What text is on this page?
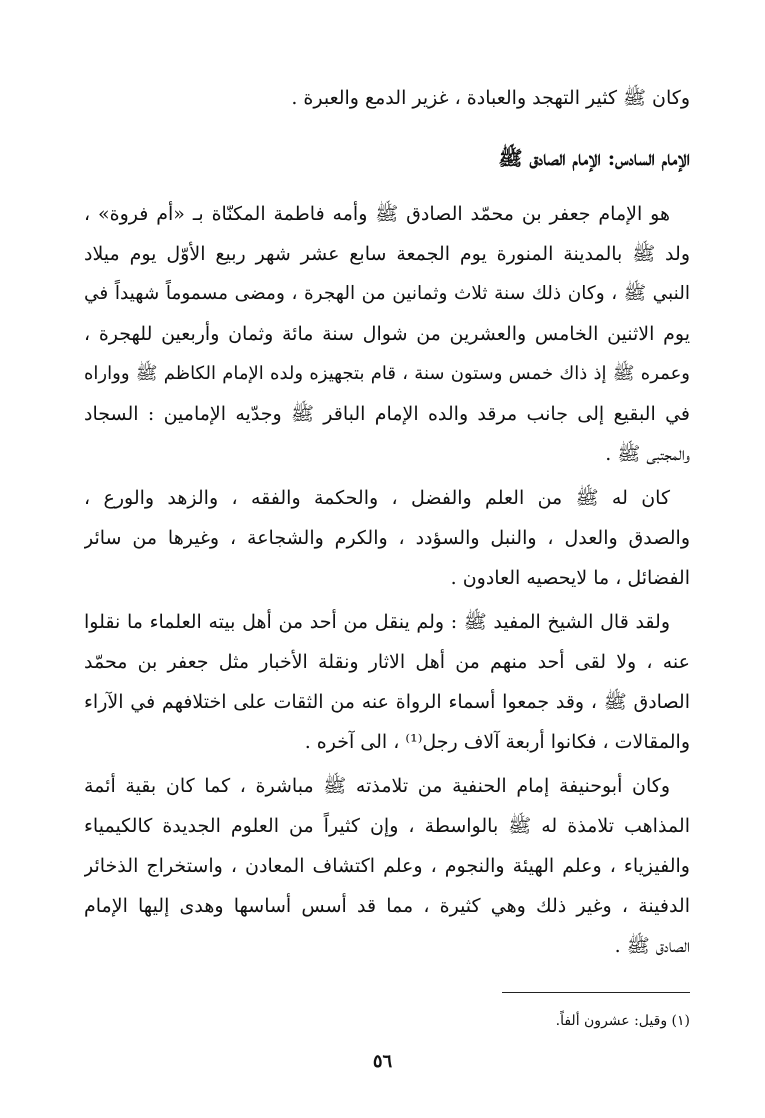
وكان ﷺ كثير التهجد والعبادة ، غزير الدمع والعبرة .
الإمام السادس: الإمام الصادق ﷺ
هو الإمام جعفر بن محمّد الصادق ﷺ وأمه فاطمة المكنّاة بـ «أم فروة» ،
ولد ﷺ بالمدينة المنورة يوم الجمعة سابع عشر شهر ربيع الأوّل يوم ميلاد
النبي ﷺ ، وكان ذلك سنة ثلاث وثمانين من الهجرة ، ومضى مسموماً شهيداً في
يوم الاثنين الخامس والعشرين من شوال سنة مائة وثمان وأربعين للهجرة ،
وعمره ﷺ إذ ذاك خمس وستون سنة ، قام بتجهيزه ولده الإمام الكاظم ﷺ وواراه
في البقيع إلى جانب مرقد والده الإمام الباقر ﷺ وجدّيه الإمامين : السجاد
والمجتبى ﷺ .
كان له ﷺ من العلم والفضل ، والحكمة والفقه ، والزهد والورع ،
والصدق والعدل ، والنبل والسؤدد ، والكرم والشجاعة ، وغيرها من سائر
الفضائل ، ما لايحصيه العادون .
ولقد قال الشيخ المفيد ﷺ : ولم ينقل من أحد من أهل بيته العلماء ما نقلوا
عنه ، ولا لقى أحد منهم من أهل الاثار ونقلة الأخبار مثل جعفر بن محمّد
الصادق ﷺ ، وقد جمعوا أسماء الرواة عنه من الثقات على اختلافهم في الآراء
والمقالات ، فكانوا أربعة آلاف رجل⁽¹⁾ ، الى آخره .
وكان أبوحنيفة إمام الحنفية من تلامذته ﷺ مباشرة ، كما كان بقية أئمة
المذاهب تلامذة له ﷺ بالواسطة ، وإن كثيراً من العلوم الجديدة كالكيمياء
والفيزياء ، وعلم الهيئة والنجوم ، وعلم اكتشاف المعادن ، واستخراج الذخائر
الدفينة ، وغير ذلك وهي كثيرة ، مما قد أسس أساسها وهدى إليها الإمام
الصادق ﷺ .
(١) وقيل: عشرون ألفاً.
٥٦
